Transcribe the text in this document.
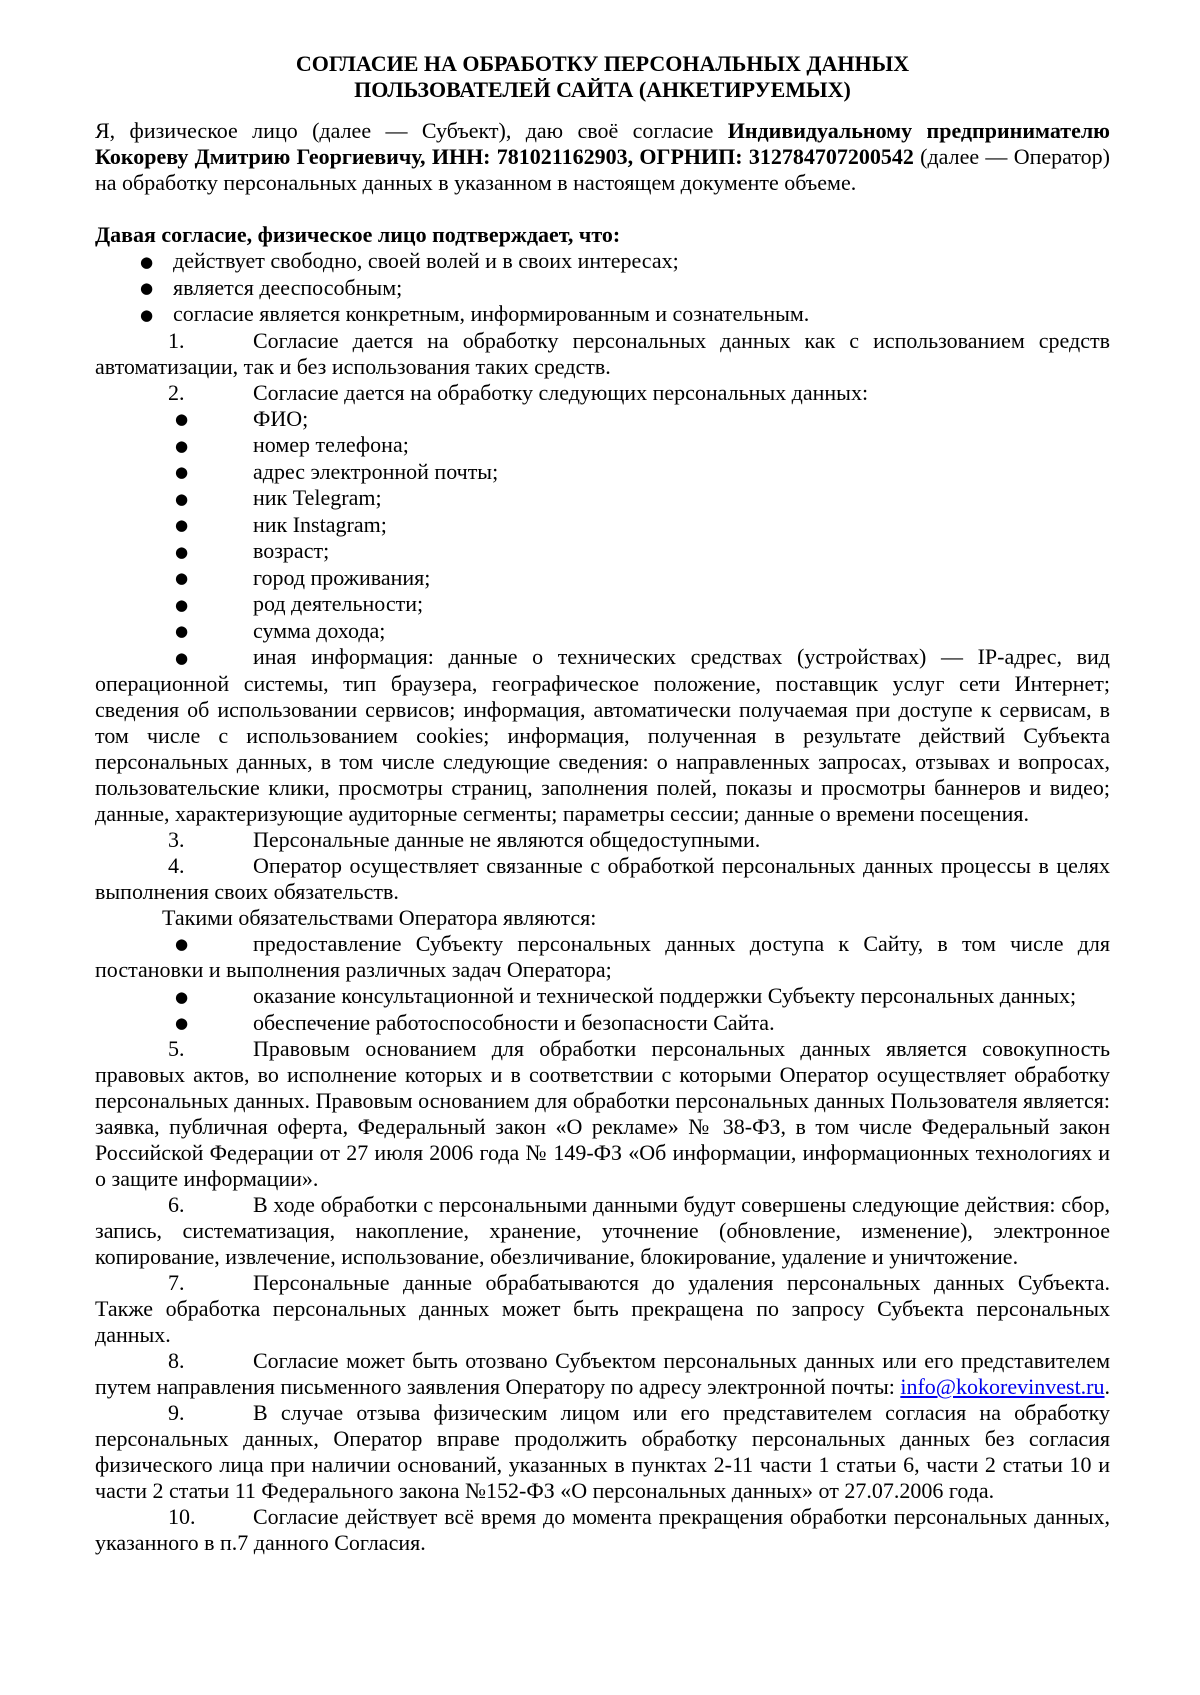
СОГЛАСИЕ НА ОБРАБОТКУ ПЕРСОНАЛЬНЫХ ДАННЫХ
ПОЛЬЗОВАТЕЛЕЙ САЙТА (АНКЕТИРУЕМЫХ)

Я, физическое лицо (далее — Субъект), даю своё согласие Индивидуальному предпринимателю Кокореву Дмитрию Георгиевичу, ИНН: 781021162903, ОГРНИП: 312784707200542 (далее — Оператор) на обработку персональных данных в указанном в настоящем документе объеме.

Давая согласие, физическое лицо подтверждает, что:

● действует свободно, своей волей и в своих интересах;

● является дееспособным;

● согласие является конкретным, информированным и сознательным.

1.	Согласие дается на обработку персональных данных как с использованием средств автоматизации, так и без использования таких средств.

2.	Согласие дается на обработку следующих персональных данных:

●	ФИО;

●	номер телефона;

●	адрес электронной почты;

●	ник Telegram;

●	ник Instagram;

●	возраст;

●	город проживания;

●	род деятельности;

●	сумма дохода;

●	иная информация: данные о технических средствах (устройствах) — IP-адрес, вид операционной системы, тип браузера, географическое положение, поставщик услуг сети Интернет; сведения об использовании сервисов; информация, автоматически получаемая при доступе к сервисам, в том числе с использованием cookies; информация, полученная в результате действий Субъекта персональных данных, в том числе следующие сведения: о направленных запросах, отзывах и вопросах, пользовательские клики, просмотры страниц, заполнения полей, показы и просмотры баннеров и видео; данные, характеризующие аудиторные сегменты; параметры сессии; данные о времени посещения.

3.	Персональные данные не являются общедоступными.

4.	Оператор осуществляет связанные с обработкой персональных данных процессы в целях выполнения своих обязательств.

Такими обязательствами Оператора являются:

●	предоставление Субъекту персональных данных доступа к Сайту, в том числе для постановки и выполнения различных задач Оператора;

●	оказание консультационной и технической поддержки Субъекту персональных данных;

●	обеспечение работоспособности и безопасности Сайта.

5.	Правовым основанием для обработки персональных данных является совокупность правовых актов, во исполнение которых и в соответствии с которыми Оператор осуществляет обработку персональных данных. Правовым основанием для обработки персональных данных Пользователя является: заявка, публичная оферта, Федеральный закон «О рекламе» № 38-ФЗ, в том числе Федеральный закон Российской Федерации от 27 июля 2006 года № 149-ФЗ «Об информации, информационных технологиях и о защите информации».

6.	В ходе обработки с персональными данными будут совершены следующие действия: сбор, запись, систематизация, накопление, хранение, уточнение (обновление, изменение), электронное копирование, извлечение, использование, обезличивание, блокирование, удаление и уничтожение.

7.	Персональные данные обрабатываются до удаления персональных данных Субъекта. Также обработка персональных данных может быть прекращена по запросу Субъекта персональных данных.

8.	Согласие может быть отозвано Субъектом персональных данных или его представителем путем направления письменного заявления Оператору по адресу электронной почты: info@kokorevinvest.ru.

9.	В случае отзыва физическим лицом или его представителем согласия на обработку персональных данных, Оператор вправе продолжить обработку персональных данных без согласия физического лица при наличии оснований, указанных в пунктах 2-11 части 1 статьи 6, части 2 статьи 10 и части 2 статьи 11 Федерального закона №152-ФЗ «О персональных данных» от 27.07.2006 года.

10.	Согласие действует всё время до момента прекращения обработки персональных данных, указанного в п.7 данного Согласия.
